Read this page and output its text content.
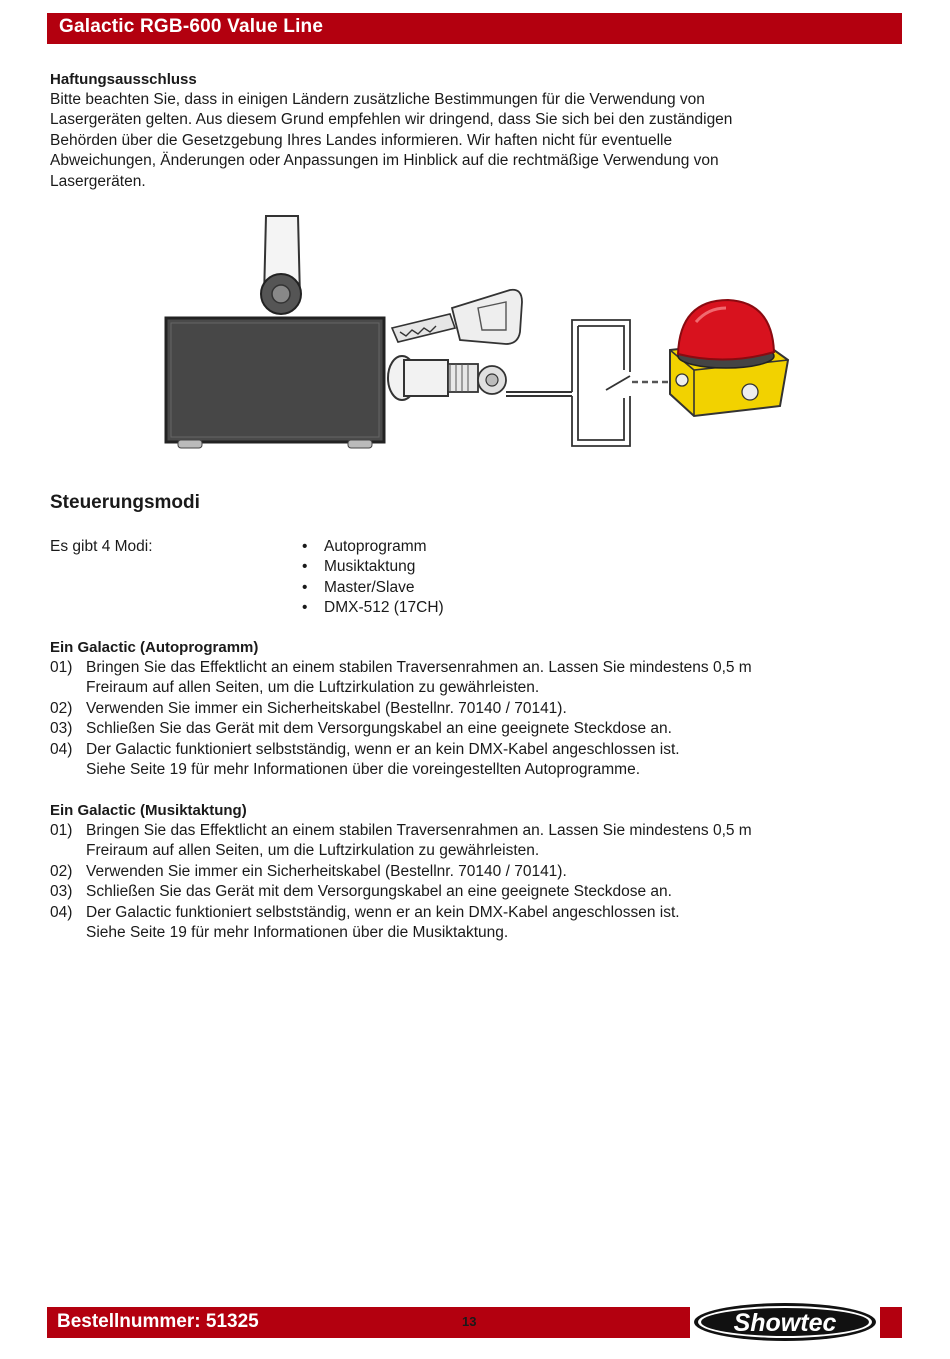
Galactic RGB-600 Value Line

Haftungsausschluss

Bitte beachten Sie, dass in einigen Ländern zusätzliche Bestimmungen für die Verwendung von

Lasergeräten gelten. Aus diesem Grund empfehlen wir dringend, dass Sie sich bei den zuständigen

Behörden über die Gesetzgebung Ihres Landes informieren. Wir haften nicht für eventuelle

Abweichungen, Änderungen oder Anpassungen im Hinblick auf die rechtmäßige Verwendung von

Lasergeräten.

Steuerungsmodi
Es gibt 4 Modi:	• Autoprogramm
• Musiktaktung
• Master/Slave
• DMX-512 (17CH)

Ein Galactic (Autoprogramm)

01) Bringen Sie das Effektlicht an einem stabilen Traversenrahmen an. Lassen Sie mindestens 0,5 m
Freiraum auf allen Seiten, um die Luftzirkulation zu gewährleisten.
02) Verwenden Sie immer ein Sicherheitskabel (Bestellnr. 70140 / 70141).
03) Schließen Sie das Gerät mit dem Versorgungskabel an eine geeignete Steckdose an.
04) Der Galactic funktioniert selbstständig, wenn er an kein DMX-Kabel angeschlossen ist.
Siehe Seite 19 für mehr Informationen über die voreingestellten Autoprogramme.

Ein Galactic (Musiktaktung)

01) Bringen Sie das Effektlicht an einem stabilen Traversenrahmen an. Lassen Sie mindestens 0,5 m
Freiraum auf allen Seiten, um die Luftzirkulation zu gewährleisten.
02) Verwenden Sie immer ein Sicherheitskabel (Bestellnr. 70140 / 70141).
03) Schließen Sie das Gerät mit dem Versorgungskabel an eine geeignete Steckdose an.
04) Der Galactic funktioniert selbstständig, wenn er an kein DMX-Kabel angeschlossen ist.
Siehe Seite 19 für mehr Informationen über die Musiktaktung.
Bestellnummer: 51325	13	Showtec
